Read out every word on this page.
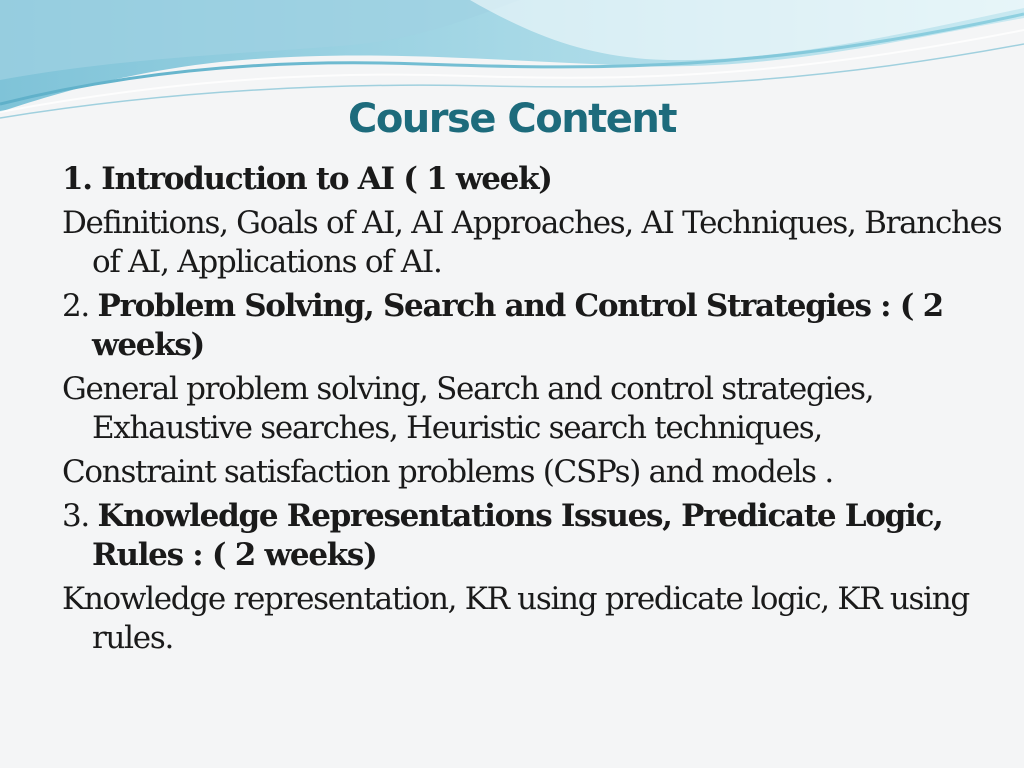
Course Content
1. Introduction to AI ( 1 week)
Definitions, Goals of AI, AI Approaches, AI Techniques, Branches of AI, Applications of AI.
2. Problem Solving, Search and Control Strategies : ( 2 weeks)
General problem solving, Search and control strategies, Exhaustive searches, Heuristic search techniques,
Constraint satisfaction problems (CSPs) and models .
3. Knowledge Representations Issues, Predicate Logic, Rules : ( 2 weeks)
Knowledge representation, KR using predicate logic, KR using rules.
